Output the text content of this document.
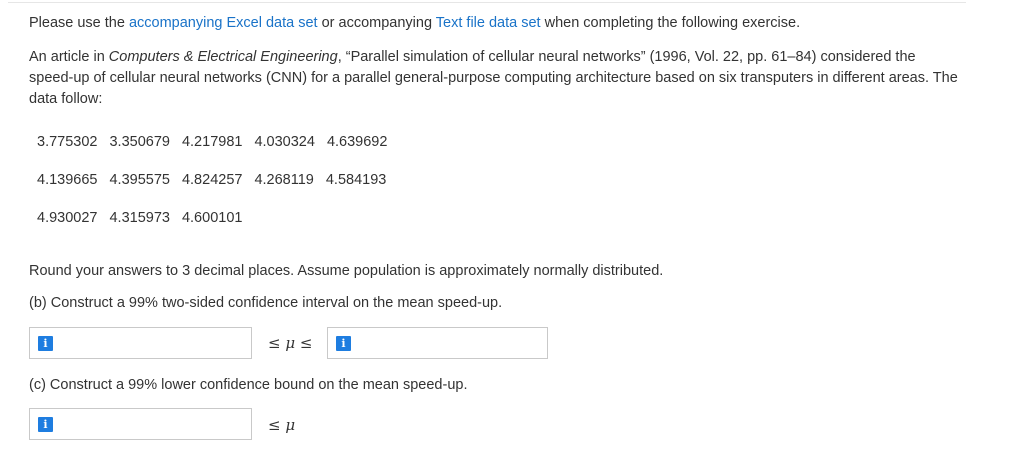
Please use the accompanying Excel data set or accompanying Text file data set when completing the following exercise.
An article in Computers & Electrical Engineering, “Parallel simulation of cellular neural networks” (1996, Vol. 22, pp. 61–84) considered the speed-up of cellular neural networks (CNN) for a parallel general-purpose computing architecture based on six transputers in different areas. The data follow:
3.775302 3.350679 4.217981 4.030324 4.639692
4.139665 4.395575 4.824257 4.268119 4.584193
4.930027 4.315973 4.600101
Round your answers to 3 decimal places. Assume population is approximately normally distributed.
(b) Construct a 99% two-sided confidence interval on the mean speed-up.
i	≤ μ ≤	i
(c) Construct a 99% lower confidence bound on the mean speed-up.
i	≤ μ
